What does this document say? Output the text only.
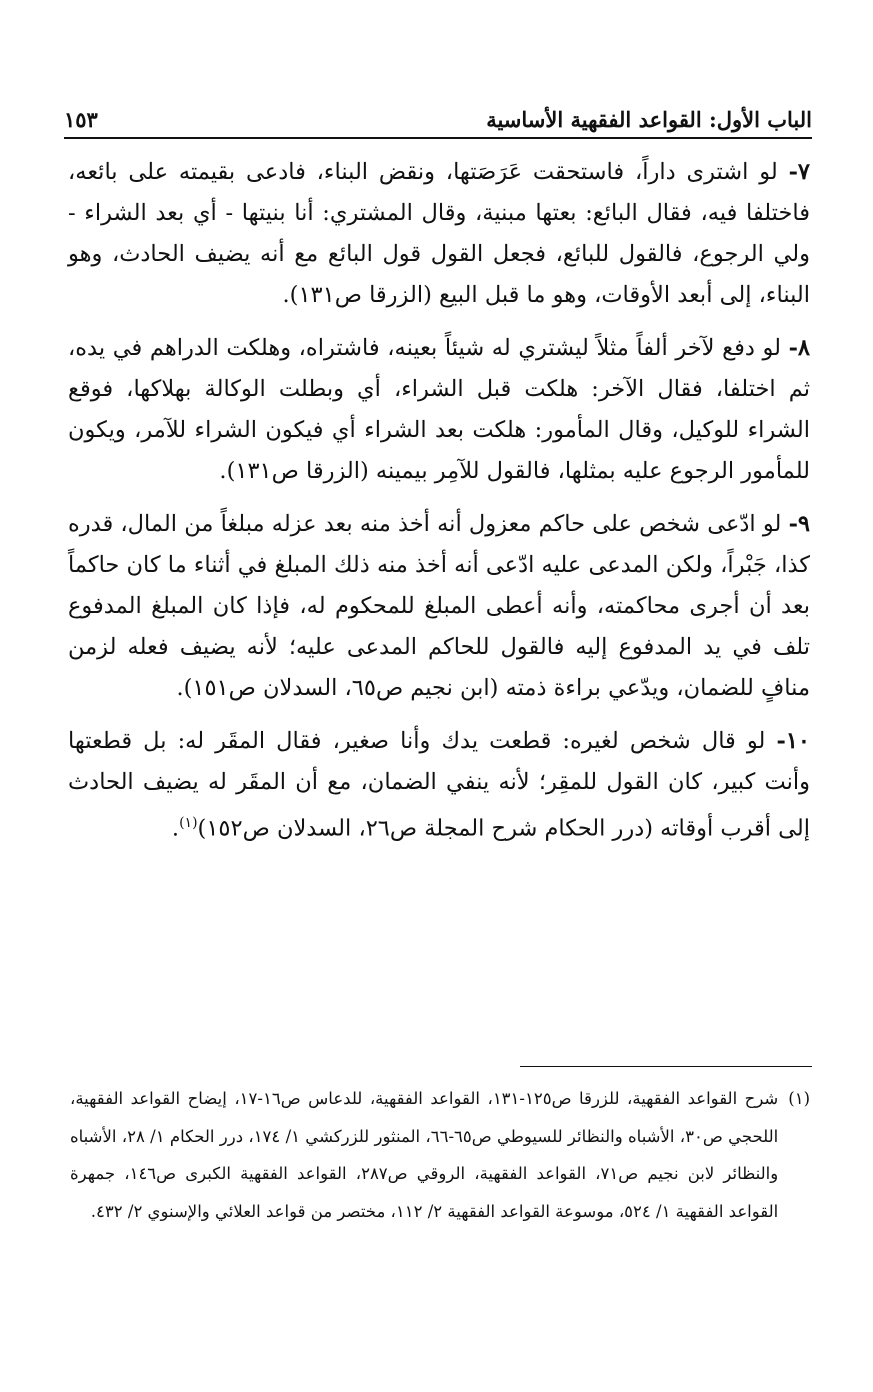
الباب الأول: القواعد الفقهية الأساسية
١٥٣

٧- لو اشترى داراً، فاستحقت عَرَصَتها، ونقض البناء، فادعى بقيمته على بائعه، فاختلفا فيه، فقال البائع: بعتها مبنية، وقال المشتري: أنا بنيتها - أي بعد الشراء - ولي الرجوع، فالقول للبائع، فجعل القول قول البائع مع أنه يضيف الحادث، وهو البناء، إلى أبعد الأوقات، وهو ما قبل البيع (الزرقا ص١٣١).

٨- لو دفع لآخر ألفاً مثلاً ليشتري له شيئاً بعينه، فاشتراه، وهلكت الدراهم في يده، ثم اختلفا، فقال الآخر: هلكت قبل الشراء، أي وبطلت الوكالة بهلاكها، فوقع الشراء للوكيل، وقال المأمور: هلكت بعد الشراء أي فيكون الشراء للآمر، ويكون للمأمور الرجوع عليه بمثلها، فالقول للآمِر بيمينه (الزرقا ص١٣١).

٩- لو ادّعى شخص على حاكم معزول أنه أخذ منه بعد عزله مبلغاً من المال، قدره كذا، جَبْراً، ولكن المدعى عليه ادّعى أنه أخذ منه ذلك المبلغ في أثناء ما كان حاكماً بعد أن أجرى محاكمته، وأنه أعطى المبلغ للمحكوم له، فإذا كان المبلغ المدفوع تلف في يد المدفوع إليه فالقول للحاكم المدعى عليه؛ لأنه يضيف فعله لزمن منافٍ للضمان، ويدّعي براءة ذمته (ابن نجيم ص٦٥، السدلان ص١٥١).

١٠- لو قال شخص لغيره: قطعت يدك وأنا صغير، فقال المقَر له: بل قطعتها وأنت كبير، كان القول للمقِر؛ لأنه ينفي الضمان، مع أن المقَر له يضيف الحادث إلى أقرب أوقاته (درر الحكام شرح المجلة ص٢٦، السدلان ص١٥٢)$^{(١)}$.

(١)
شرح القواعد الفقهية، للزرقا ص١٢٥-١٣١، القواعد الفقهية، للدعاس ص١٦-١٧، إيضاح القواعد الفقهية، اللحجي ص٣٠، الأشباه والنظائر للسيوطي ص٦٥-٦٦، المنثور للزركشي ١/ ١٧٤، درر الحكام ١/ ٢٨، الأشباه والنظائر لابن نجيم ص٧١، القواعد الفقهية، الروقي ص٢٨٧، القواعد الفقهية الكبرى ص١٤٦، جمهرة القواعد الفقهية ١/ ٥٢٤، موسوعة القواعد الفقهية ٢/ ١١٢، مختصر من قواعد العلائي والإسنوي ٢/ ٤٣٢.
